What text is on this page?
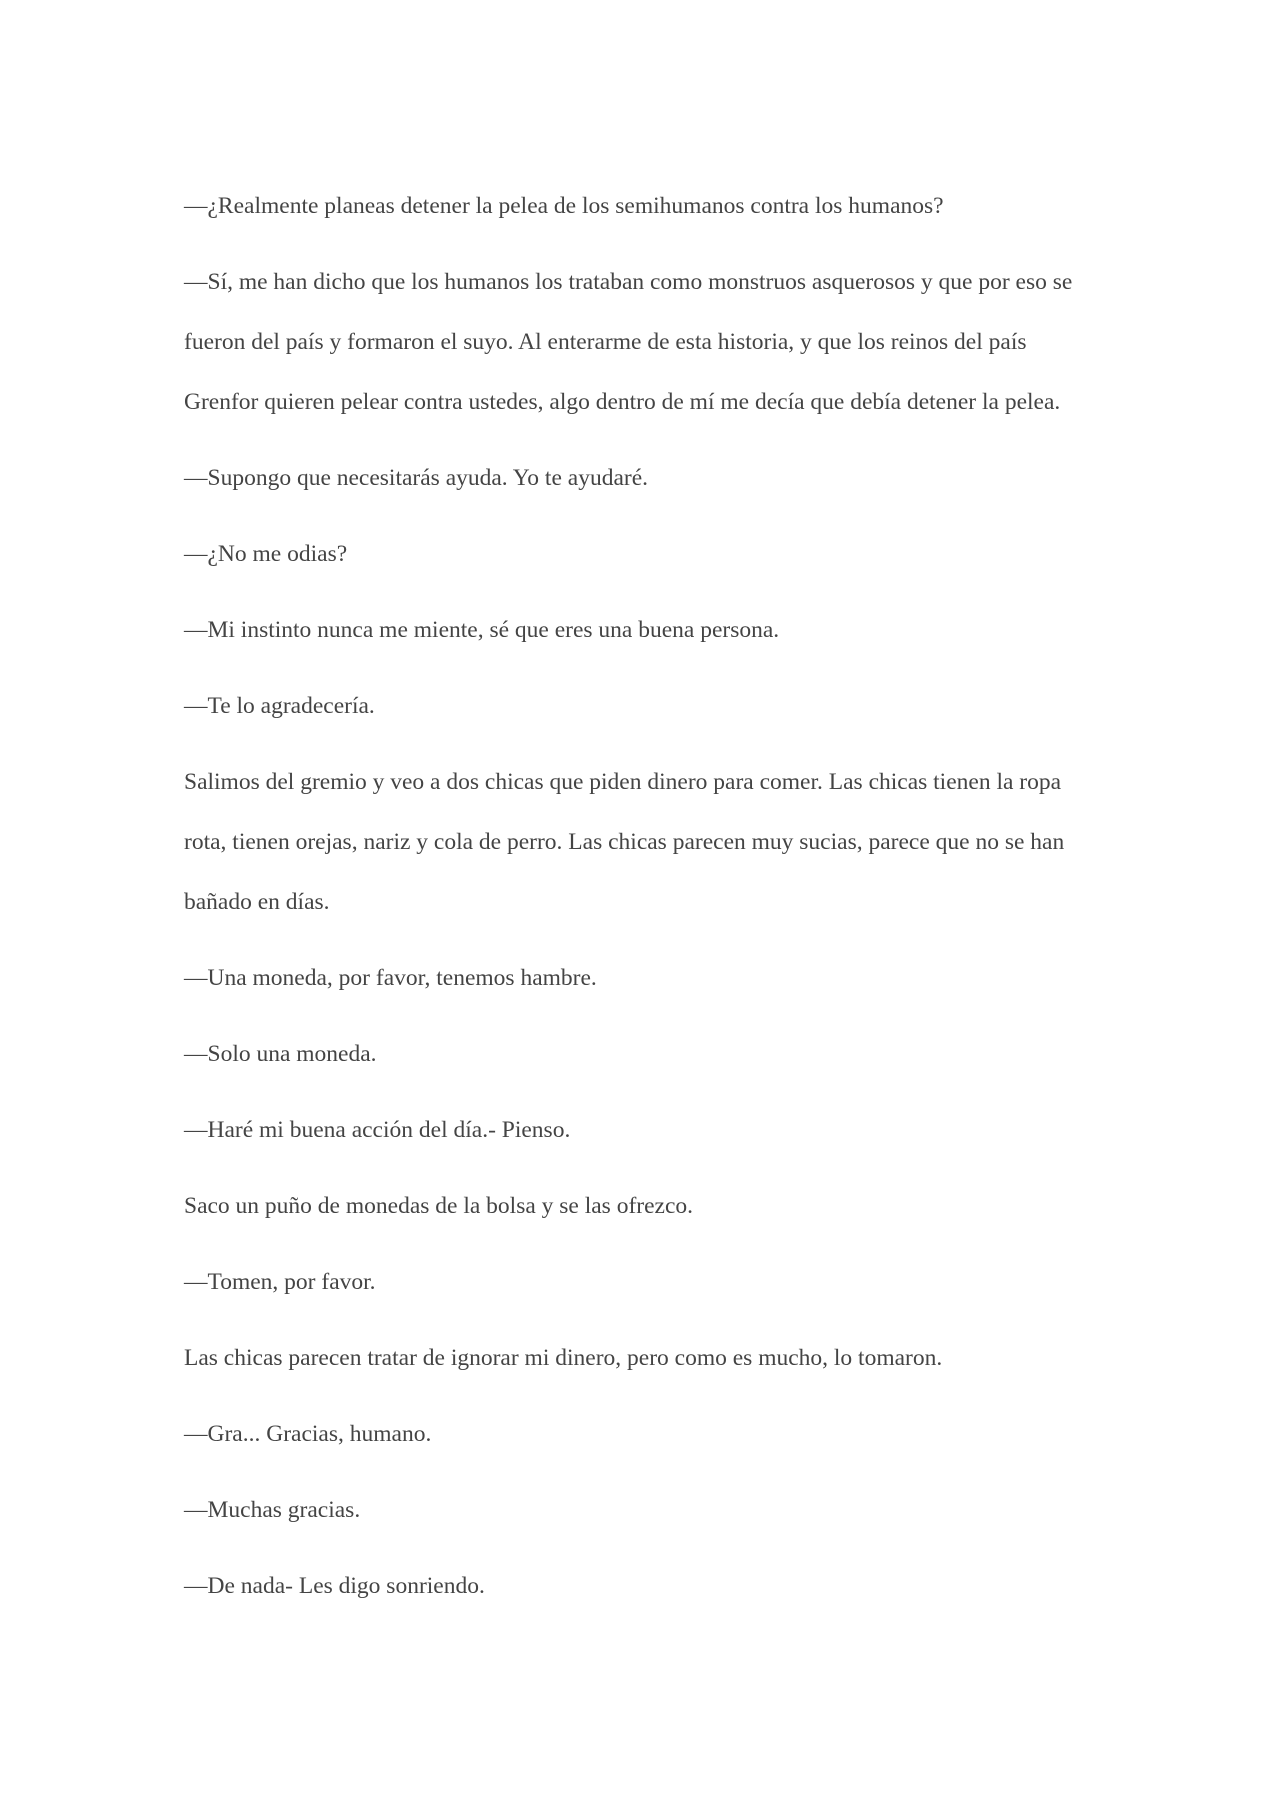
—¿Realmente planeas detener la pelea de los semihumanos contra los humanos?

—Sí, me han dicho que los humanos los trataban como monstruos asquerosos y que por eso se fueron del país y formaron el suyo. Al enterarme de esta historia, y que los reinos del país Grenfor quieren pelear contra ustedes, algo dentro de mí me decía que debía detener la pelea.

—Supongo que necesitarás ayuda. Yo te ayudaré.

—¿No me odias?

—Mi instinto nunca me miente, sé que eres una buena persona.

—Te lo agradecería.

Salimos del gremio y veo a dos chicas que piden dinero para comer. Las chicas tienen la ropa rota, tienen orejas, nariz y cola de perro. Las chicas parecen muy sucias, parece que no se han bañado en días.

—Una moneda, por favor, tenemos hambre.

—Solo una moneda.

—Haré mi buena acción del día.- Pienso.

Saco un puño de monedas de la bolsa y se las ofrezco.

—Tomen, por favor.

Las chicas parecen tratar de ignorar mi dinero, pero como es mucho, lo tomaron.

—Gra... Gracias, humano.

—Muchas gracias.

—De nada- Les digo sonriendo.
